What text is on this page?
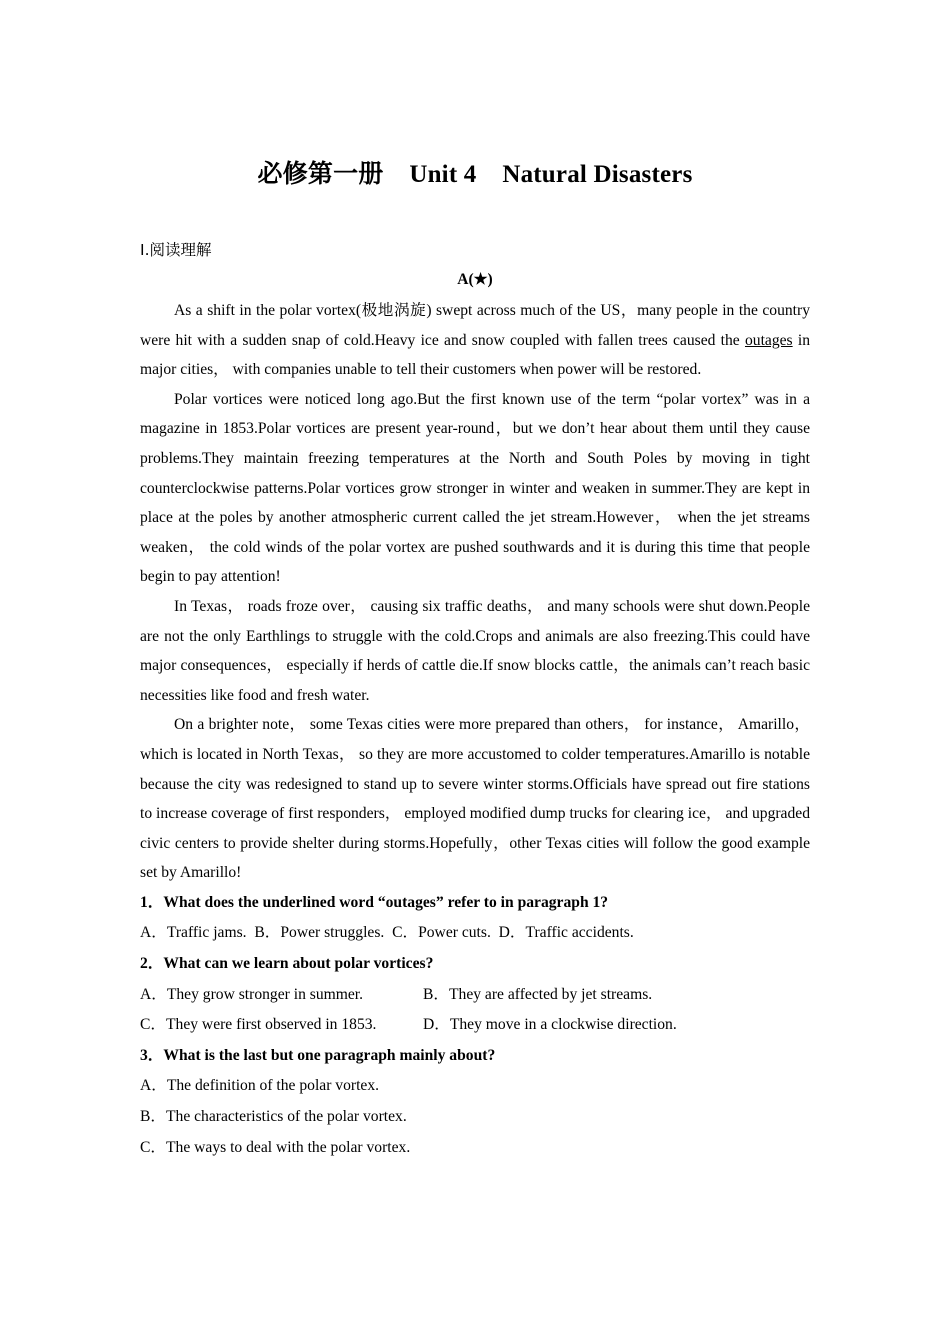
必修第一册 Unit 4 Natural Disasters
Ⅰ.阅读理解
A(★)

As a shift in the polar vortex(极地涡旋) swept across much of the US，many people in the country were hit with a sudden snap of cold.Heavy ice and snow coupled with fallen trees caused the outages in major cities， with companies unable to tell their customers when power will be restored.

Polar vortices were noticed long ago.But the first known use of the term “polar vortex” was in a magazine in 1853.Polar vortices are present year-round，but we don’t hear about them until they cause problems.They maintain freezing temperatures at the North and South Poles by moving in tight counterclockwise patterns.Polar vortices grow stronger in winter and weaken in summer.They are kept in place at the poles by another atmospheric current called the jet stream.However， when the jet streams weaken， the cold winds of the polar vortex are pushed southwards and it is during this time that people begin to pay attention!

In Texas， roads froze over， causing six traffic deaths， and many schools were shut down.People are not the only Earthlings to struggle with the cold.Crops and animals are also freezing.This could have major consequences， especially if herds of cattle die.If snow blocks cattle，the animals can’t reach basic necessities like food and fresh water.

On a brighter note， some Texas cities were more prepared than others， for instance， Amarillo， which is located in North Texas， so they are more accustomed to colder temperatures.Amarillo is notable because the city was redesigned to stand up to severe winter storms.Officials have spread out fire stations to increase coverage of first responders， employed modified dump trucks for clearing ice， and upgraded civic centers to provide shelter during storms.Hopefully，other Texas cities will follow the good example set by Amarillo!

1．What does the underlined word “outages” refer to in paragraph 1?

A．Traffic jams.  B．Power struggles.  C．Power cuts.  D．Traffic accidents.

2．What can we learn about polar vortices?

A．They grow stronger in summer.	B．They are affected by jet streams.
C．They were first observed in 1853.	D．They move in a clockwise direction.

3．What is the last but one paragraph mainly about?

A．The definition of the polar vortex.

B．The characteristics of the polar vortex.

C．The ways to deal with the polar vortex.
